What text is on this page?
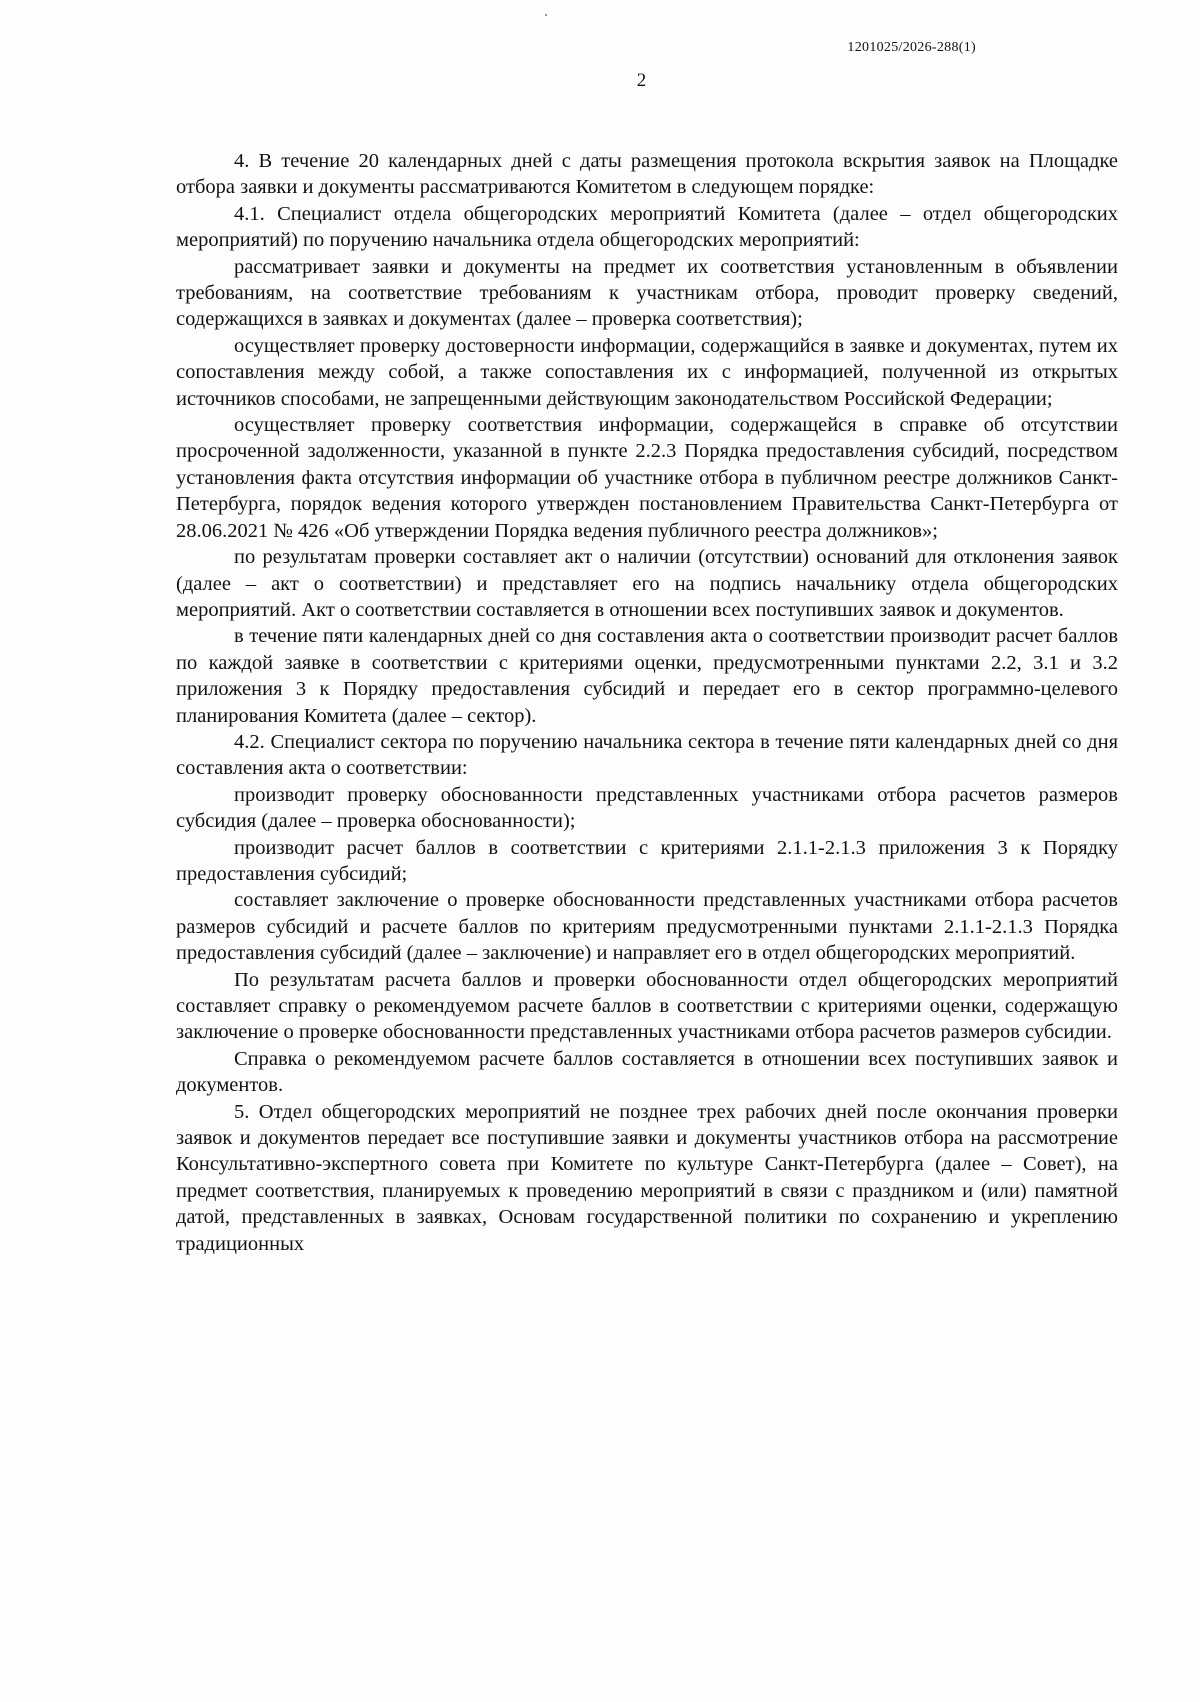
1201025/2026-288(1)
2

4. В течение 20 календарных дней с даты размещения протокола вскрытия заявок на Площадке отбора заявки и документы рассматриваются Комитетом в следующем порядке:

4.1. Специалист отдела общегородских мероприятий Комитета (далее – отдел общегородских мероприятий) по поручению начальника отдела общегородских мероприятий:

рассматривает заявки и документы на предмет их соответствия установленным в объявлении требованиям, на соответствие требованиям к участникам отбора, проводит проверку сведений, содержащихся в заявках и документах (далее – проверка соответствия);

осуществляет проверку достоверности информации, содержащийся в заявке и документах, путем их сопоставления между собой, а также сопоставления их с информацией, полученной из открытых источников способами, не запрещенными действующим законодательством Российской Федерации;

осуществляет проверку соответствия информации, содержащейся в справке об отсутствии просроченной задолженности, указанной в пункте 2.2.3 Порядка предоставления субсидий, посредством установления факта отсутствия информации об участнике отбора в публичном реестре должников Санкт-Петербурга, порядок ведения которого утвержден постановлением Правительства Санкт-Петербурга от 28.06.2021 № 426 «Об утверждении Порядка ведения публичного реестра должников»;

по результатам проверки составляет акт о наличии (отсутствии) оснований для отклонения заявок (далее – акт о соответствии) и представляет его на подпись начальнику отдела общегородских мероприятий. Акт о соответствии составляется в отношении всех поступивших заявок и документов.

в течение пяти календарных дней со дня составления акта о соответствии производит расчет баллов по каждой заявке в соответствии с критериями оценки, предусмотренными пунктами 2.2, 3.1 и 3.2 приложения 3 к Порядку предоставления субсидий и передает его в сектор программно-целевого планирования Комитета (далее – сектор).

4.2. Специалист сектора по поручению начальника сектора в течение пяти календарных дней со дня составления акта о соответствии:

производит проверку обоснованности представленных участниками отбора расчетов размеров субсидия (далее – проверка обоснованности);

производит расчет баллов в соответствии с критериями 2.1.1-2.1.3 приложения 3 к Порядку предоставления субсидий;

составляет заключение о проверке обоснованности представленных участниками отбора расчетов размеров субсидий и расчете баллов по критериям предусмотренными пунктами 2.1.1-2.1.3 Порядка предоставления субсидий (далее – заключение) и направляет его в отдел общегородских мероприятий.

По результатам расчета баллов и проверки обоснованности отдел общегородских мероприятий составляет справку о рекомендуемом расчете баллов в соответствии с критериями оценки, содержащую заключение о проверке обоснованности представленных участниками отбора расчетов размеров субсидии.

Справка о рекомендуемом расчете баллов составляется в отношении всех поступивших заявок и документов.

5. Отдел общегородских мероприятий не позднее трех рабочих дней после окончания проверки заявок и документов передает все поступившие заявки и документы участников отбора на рассмотрение Консультативно-экспертного совета при Комитете по культуре Санкт-Петербурга (далее – Совет), на предмет соответствия, планируемых к проведению мероприятий в связи с праздником и (или) памятной датой, представленных в заявках, Основам государственной политики по сохранению и укреплению традиционных
